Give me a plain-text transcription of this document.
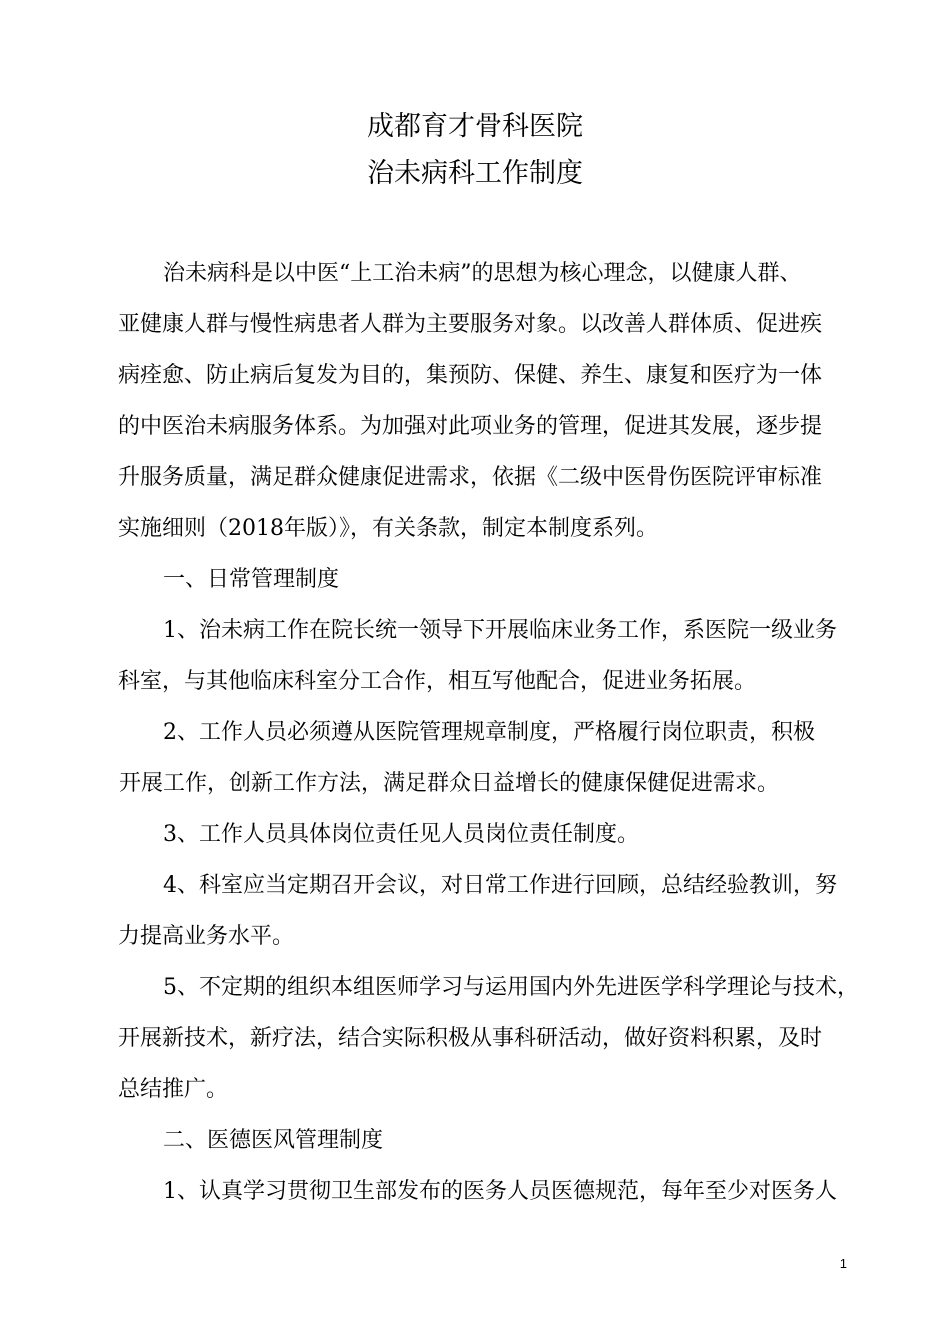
成都育才骨科医院
治未病科工作制度
治未病科是以中医“上工治未病”的思想为核心理念，以健康人群、
亚健康人群与慢性病患者人群为主要服务对象。以改善人群体质、促进疾
病痊愈、防止病后复发为目的，集预防、保健、养生、康复和医疗为一体
的中医治未病服务体系。为加强对此项业务的管理，促进其发展，逐步提
升服务质量，满足群众健康促进需求，依据《二级中医骨伤医院评审标准
实施细则（2018年版）》，有关条款，制定本制度系列。
一、日常管理制度
1、治未病工作在院长统一领导下开展临床业务工作，系医院一级业务
科室，与其他临床科室分工合作，相互写他配合，促进业务拓展。
2、工作人员必须遵从医院管理规章制度，严格履行岗位职责，积极
开展工作，创新工作方法，满足群众日益增长的健康保健促进需求。
3、工作人员具体岗位责任见人员岗位责任制度。
4、科室应当定期召开会议，对日常工作进行回顾，总结经验教训，努
力提高业务水平。
5、不定期的组织本组医师学习与运用国内外先进医学科学理论与技术，
开展新技术，新疗法，结合实际积极从事科研活动，做好资料积累，及时
总结推广。
二、医德医风管理制度
1、认真学习贯彻卫生部发布的医务人员医德规范，每年至少对医务人
1
